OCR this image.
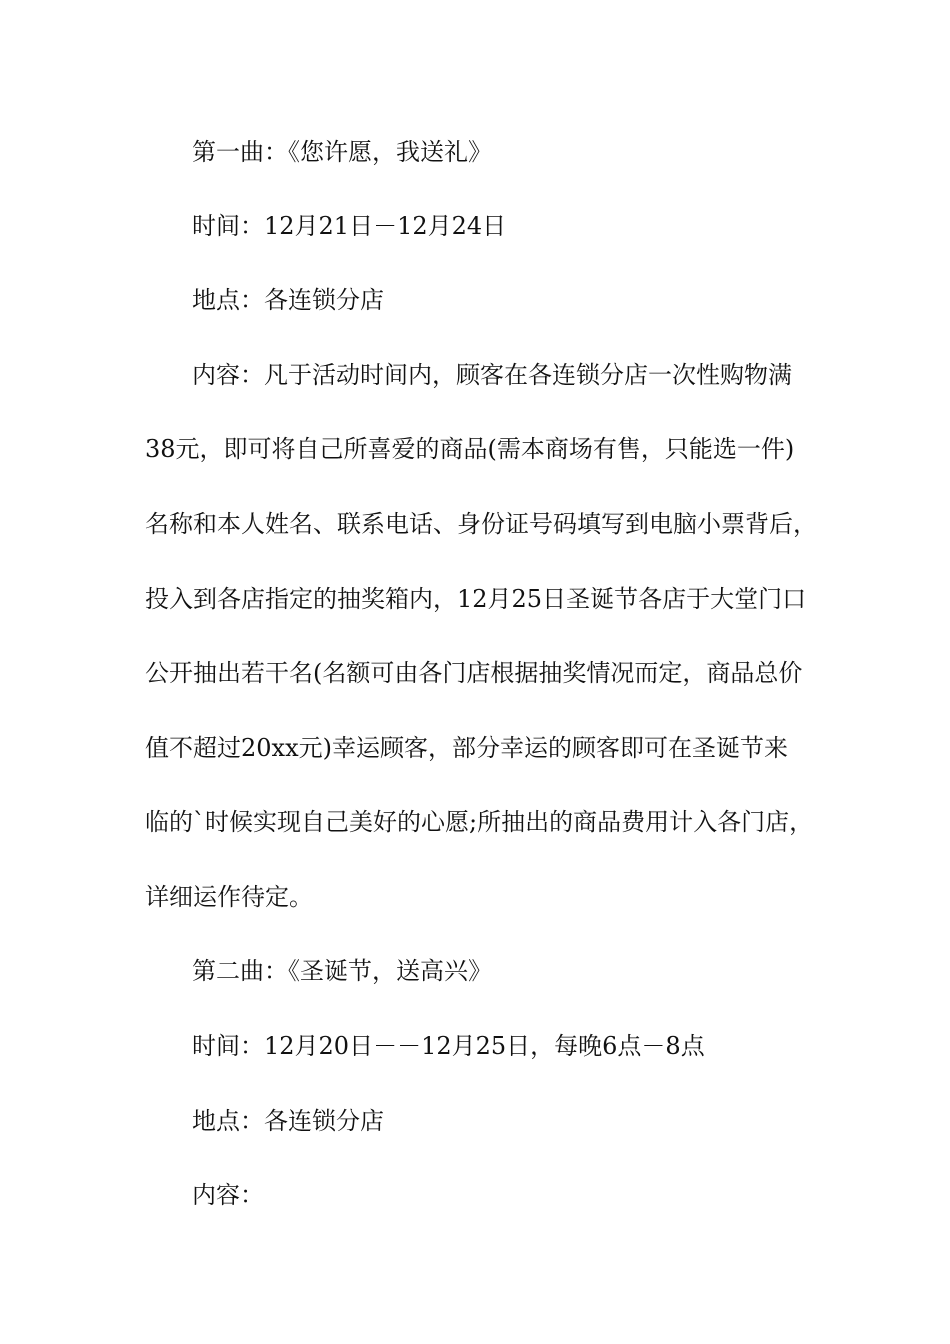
第一曲：《您许愿，我送礼》

时间：12月21日－12月24日

地点：各连锁分店

内容：凡于活动时间内，顾客在各连锁分店一次性购物满

38元，即可将自己所喜爱的商品(需本商场有售，只能选一件)

名称和本人姓名、联系电话、身份证号码填写到电脑小票背后，

投入到各店指定的抽奖箱内，12月25日圣诞节各店于大堂门口

公开抽出若干名(名额可由各门店根据抽奖情况而定，商品总价

值不超过20xx元)幸运顾客，部分幸运的顾客即可在圣诞节来

临的`时候实现自己美好的心愿;所抽出的商品费用计入各门店，

详细运作待定。

第二曲：《圣诞节，送高兴》

时间：12月20日－－12月25日，每晚6点－8点

地点：各连锁分店

内容：
